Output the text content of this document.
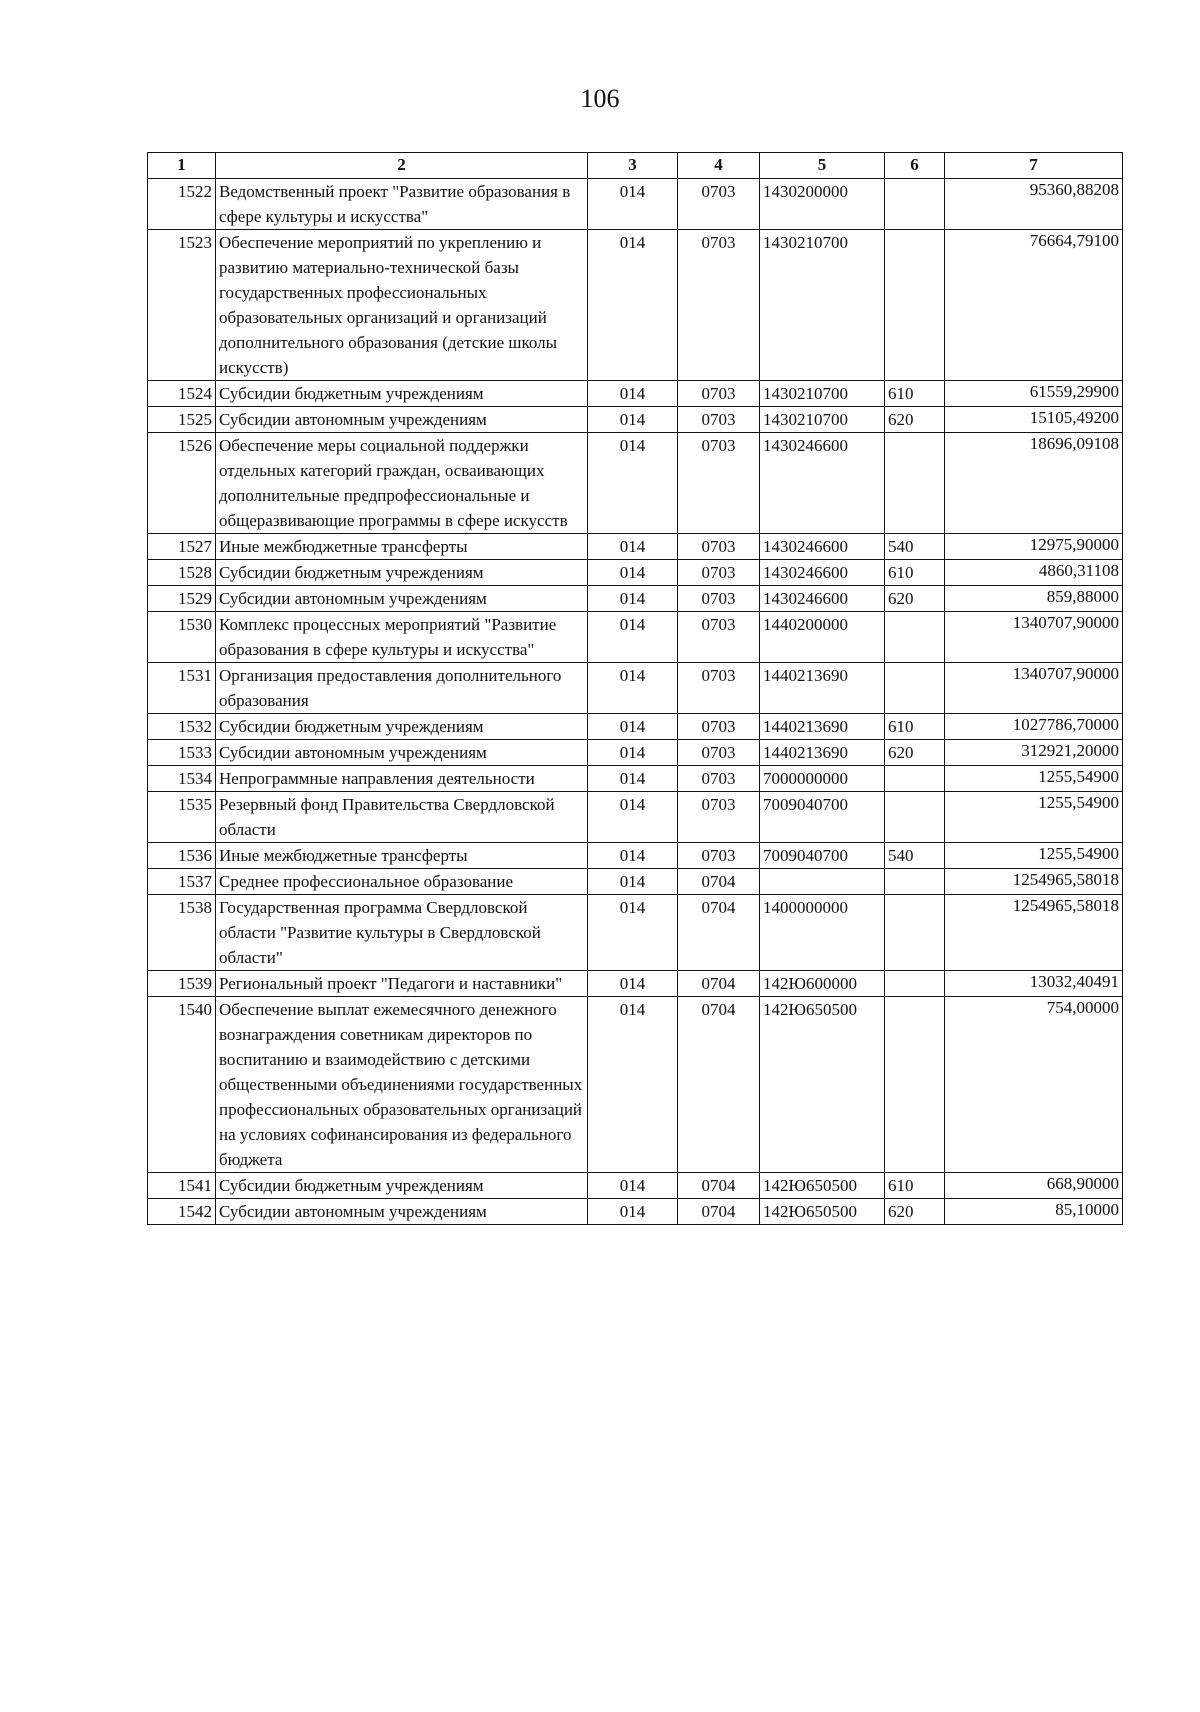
106
1	2	3	4	5	6	7
1522	Ведомственный проект "Развитие образования в сфере культуры и искусства"	014	0703	1430200000		95360,88208
1523	Обеспечение мероприятий по укреплению и развитию материально-технической базы государственных профессиональных образовательных организаций и организаций дополнительного образования (детские школы искусств)	014	0703	1430210700		76664,79100
1524	Субсидии бюджетным учреждениям	014	0703	1430210700	610	61559,29900
1525	Субсидии автономным учреждениям	014	0703	1430210700	620	15105,49200
1526	Обеспечение меры социальной поддержки отдельных категорий граждан, осваивающих дополнительные предпрофессиональные и общеразвивающие программы в сфере искусств	014	0703	1430246600		18696,09108
1527	Иные межбюджетные трансферты	014	0703	1430246600	540	12975,90000
1528	Субсидии бюджетным учреждениям	014	0703	1430246600	610	4860,31108
1529	Субсидии автономным учреждениям	014	0703	1430246600	620	859,88000
1530	Комплекс процессных мероприятий "Развитие образования в сфере культуры и искусства"	014	0703	1440200000		1340707,90000
1531	Организация предоставления дополнительного образования	014	0703	1440213690		1340707,90000
1532	Субсидии бюджетным учреждениям	014	0703	1440213690	610	1027786,70000
1533	Субсидии автономным учреждениям	014	0703	1440213690	620	312921,20000
1534	Непрограммные направления деятельности	014	0703	7000000000		1255,54900
1535	Резервный фонд Правительства Свердловской области	014	0703	7009040700		1255,54900
1536	Иные межбюджетные трансферты	014	0703	7009040700	540	1255,54900
1537	Среднее профессиональное образование	014	0704			1254965,58018
1538	Государственная программа Свердловской области "Развитие культуры в Свердловской области"	014	0704	1400000000		1254965,58018
1539	Региональный проект "Педагоги и наставники"	014	0704	142Ю600000		13032,40491
1540	Обеспечение выплат ежемесячного денежного вознаграждения советникам директоров по воспитанию и взаимодействию с детскими общественными объединениями государственных профессиональных образовательных организаций на условиях софинансирования из федерального бюджета	014	0704	142Ю650500		754,00000
1541	Субсидии бюджетным учреждениям	014	0704	142Ю650500	610	668,90000
1542	Субсидии автономным учреждениям	014	0704	142Ю650500	620	85,10000
